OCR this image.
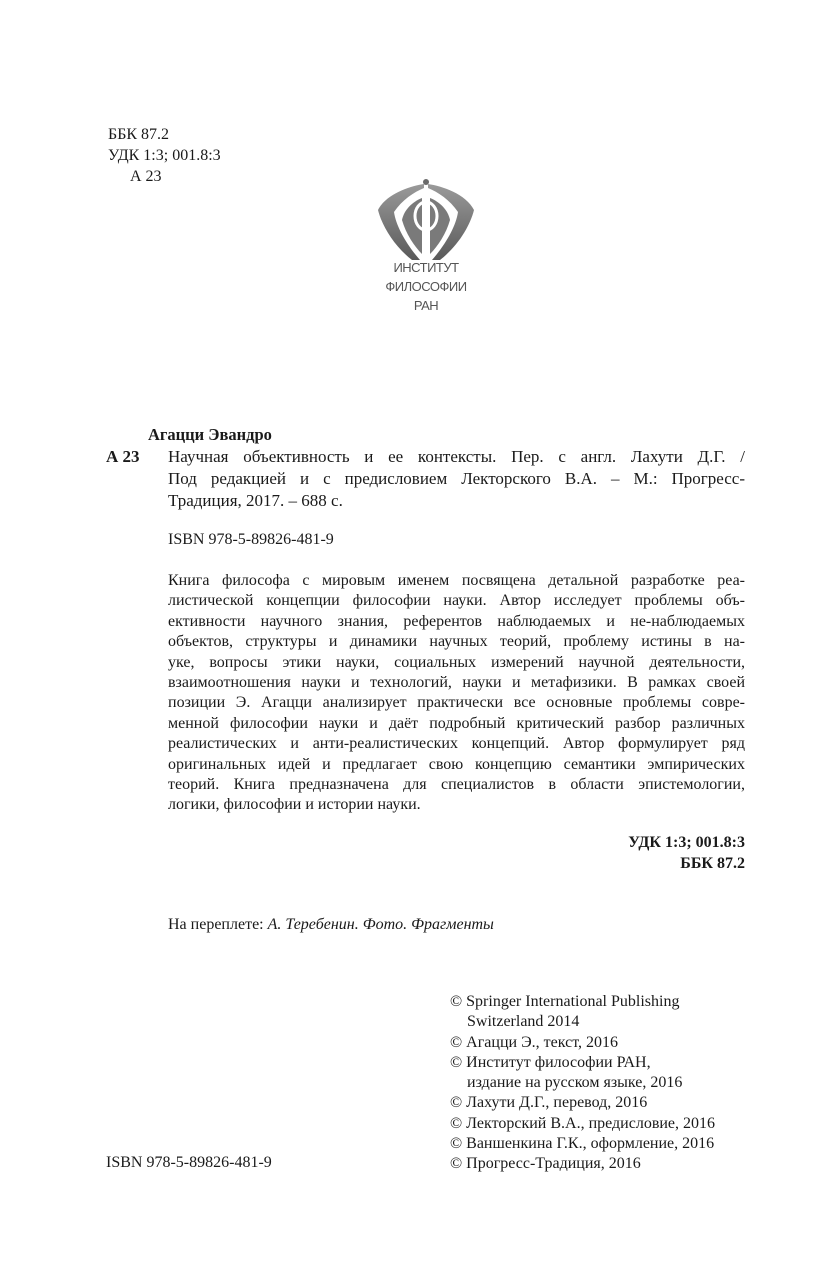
ББК 87.2
УДК 1:3; 001.8:3
А 23
ИНСТИТУТ
ФИЛОСОФИИ
РАН
Агацци Эвандро
А 23 Научная объективность и ее контексты. Пер. с англ. Лахути Д.Г. /
Под редакцией и с предисловием Лекторского В.А. – М.: Прогресс-
Традиция, 2017. – 688 с.
ISBN 978-5-89826-481-9
Книга философа с мировым именем посвящена детальной разработке реа-
листической концепции философии науки. Автор исследует проблемы объ-
ективности научного знания, референтов наблюдаемых и не-наблюдаемых
объектов, структуры и динамики научных теорий, проблему истины в на-
уке, вопросы этики науки, социальных измерений научной деятельности,
взаимоотношения науки и технологий, науки и метафизики. В рамках своей
позиции Э. Агацци анализирует практически все основные проблемы совре-
менной философии науки и даёт подробный критический разбор различных
реалистических и анти-реалистических концепций. Автор формулирует ряд
оригинальных идей и предлагает свою концепцию семантики эмпирических
теорий. Книга предназначена для специалистов в области эпистемологии,
логики, философии и истории науки.
УДК 1:3; 001.8:3
ББК 87.2
На переплете: А. Теребенин. Фото. Фрагменты
© Springer International Publishing
Switzerland 2014
© Агацци Э., текст, 2016
© Институт философии РАН,
издание на русском языке, 2016
© Лахути Д.Г., перевод, 2016
© Лекторский В.А., предисловие, 2016
© Ваншенкина Г.К., оформление, 2016
© Прогресс-Традиция, 2016
ISBN 978-5-89826-481-9
